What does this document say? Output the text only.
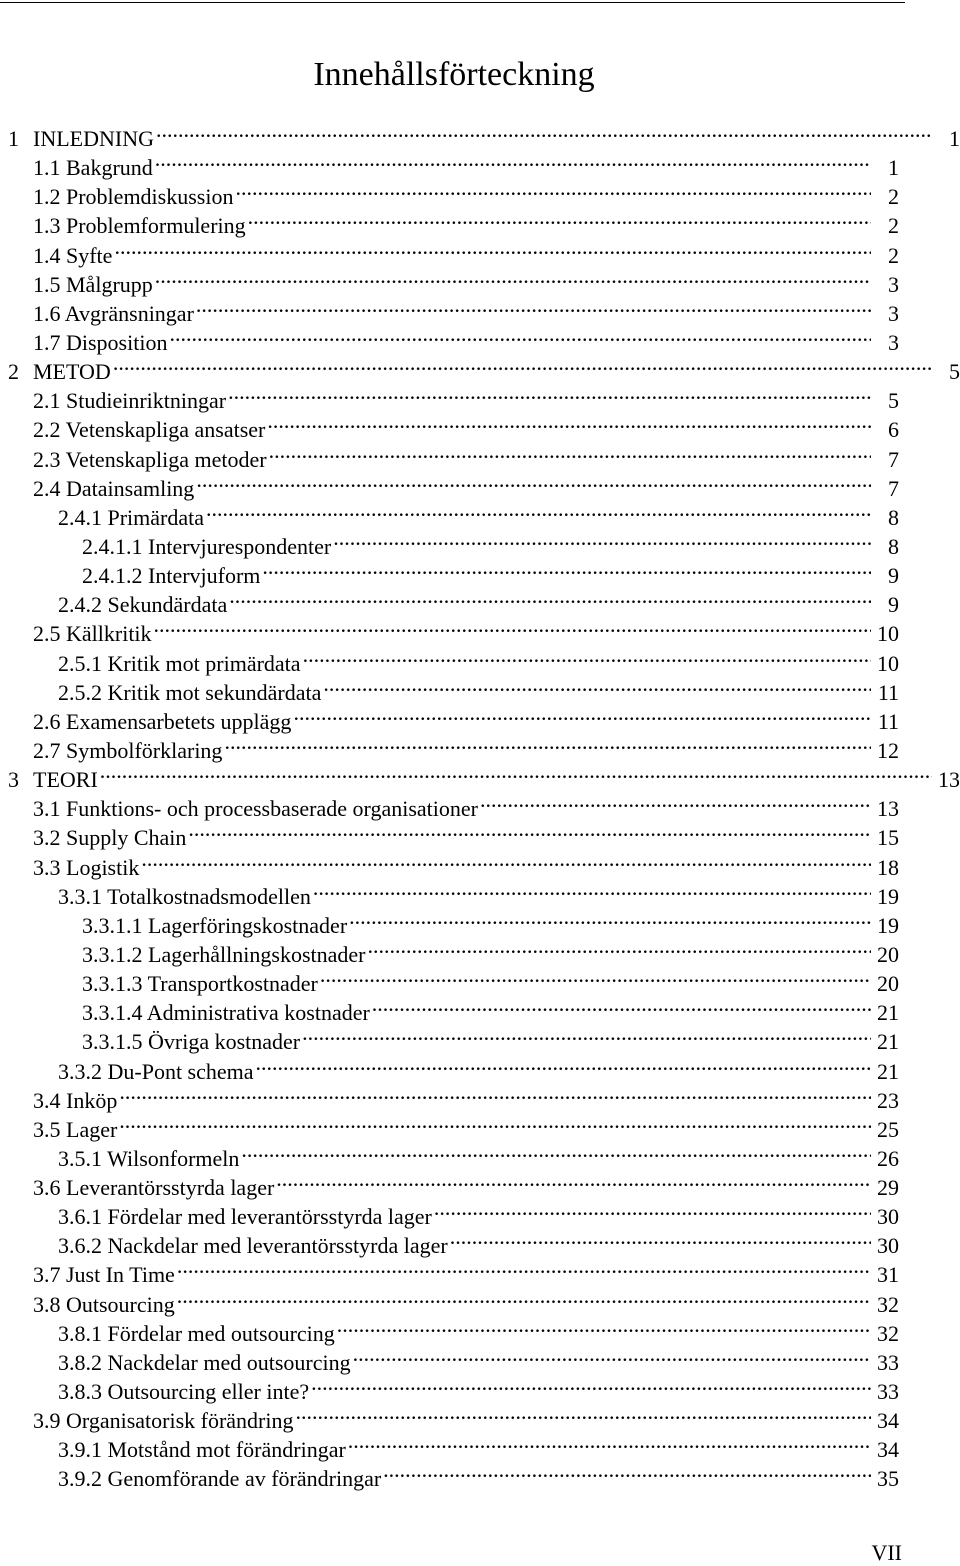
Innehållsförteckning
1 INLEDNING .....	1
1.1 Bakgrund .....	1
1.2 Problemdiskussion .....	2
1.3 Problemformulering .....	2
1.4 Syfte .....	2
1.5 Målgrupp .....	3
1.6 Avgränsningar .....	3
1.7 Disposition .....	3
2 METOD .....	5
2.1 Studieinriktningar .....	5
2.2 Vetenskapliga ansatser .....	6
2.3 Vetenskapliga metoder .....	7
2.4 Datainsamling .....	7
2.4.1 Primärdata .....	8
2.4.1.1 Intervjurespondenter .....	8
2.4.1.2 Intervjuform .....	9
2.4.2 Sekundärdata .....	9
2.5 Källkritik .....	10
2.5.1 Kritik mot primärdata .....	10
2.5.2 Kritik mot sekundärdata .....	11
2.6 Examensarbetets upplägg .....	11
2.7 Symbolförklaring .....	12
3 TEORI .....	13
3.1 Funktions- och processbaserade organisationer .....	13
3.2 Supply Chain .....	15
3.3 Logistik .....	18
3.3.1 Totalkostnadsmodellen .....	19
3.3.1.1 Lagerföringskostnader .....	19
3.3.1.2 Lagerhållningskostnader .....	20
3.3.1.3 Transportkostnader .....	20
3.3.1.4 Administrativa kostnader .....	21
3.3.1.5 Övriga kostnader .....	21
3.3.2 Du-Pont schema .....	21
3.4 Inköp .....	23
3.5 Lager .....	25
3.5.1 Wilsonformeln .....	26
3.6 Leverantörsstyrda lager .....	29
3.6.1 Fördelar med leverantörsstyrda lager .....	30
3.6.2 Nackdelar med leverantörsstyrda lager .....	30
3.7 Just In Time .....	31
3.8 Outsourcing .....	32
3.8.1 Fördelar med outsourcing .....	32
3.8.2 Nackdelar med outsourcing .....	33
3.8.3 Outsourcing eller inte? .....	33
3.9 Organisatorisk förändring .....	34
3.9.1 Motstånd mot förändringar .....	34
3.9.2 Genomförande av förändringar .....	35
VII
